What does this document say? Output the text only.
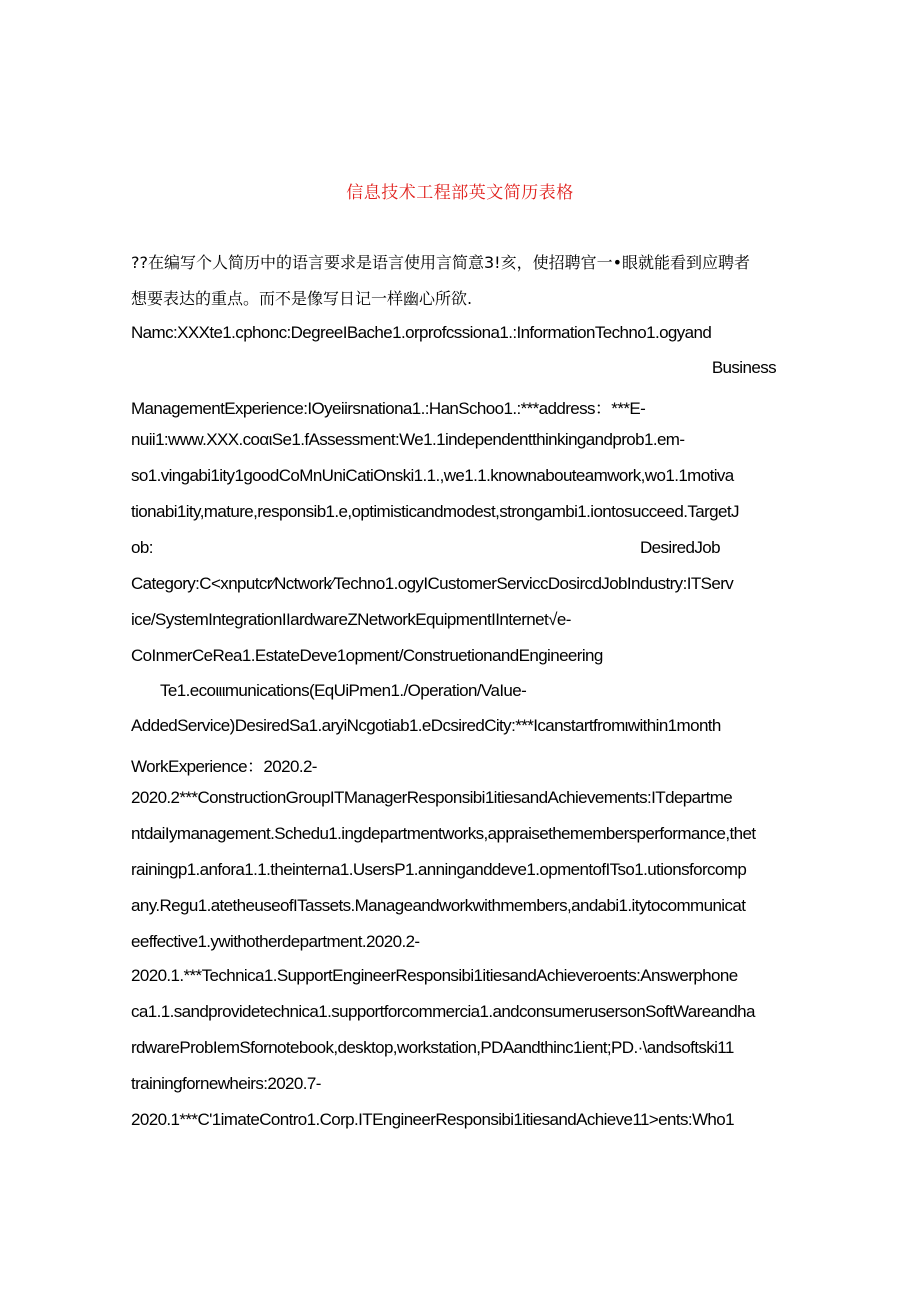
信息技术工程部英文简历表格
??在编写个人简历中的语言要求是语言使用言简意3!亥，使招聘官一•眼就能看到应聘者
想要表达的重点。而不是像写日记一样幽心所欲.
Namc:XXXte1.cphonc:DegreeIBache1.orprofcssiona1.:InformationTechno1.ogyand
Business
ManagementExperience:IOyeiirsnationa1.:HanSchoo1.:***address：***E-
nuii1:www.XXX.coαιSe1.fAssessment:We1.1independentthinkingandprob1.em-
so1.vingabi1ity1goodCoMnUniCatiOnski1.1.,we1.1.knownabouteamwork,wo1.1motiva
tionabi1ity,mature,responsib1.e,optimisticandmodest,strongambi1.iontosucceed.TargetJ
ob:	DesiredJob
Category:C<xnputcr∕Nctwork∕Techno1.ogyICustomerServiccDosircdJobIndustry:ITServ
ice/SystemIntegrationIIardwareZNetworkEquipmentIInternet√e-
CoInmerCeRea1.EstateDeve1opment/ConstruetionandEngineering
Te1.ecoιιιmunications(EqUiPmen1./Operation/VaIue-
AddedService)DesiredSa1.aryiNcgotiab1.eDcsiredCity:***Icanstartfromιwithin1month
WorkExperience：2020.2-
2020.2***ConstructionGroupITManagerResponsibi1itiesandAchievements:ITdepartme
ntdaiIymanagement.Schedu1.ingdepartmentworks,appraisethemembersperformance,thet
rainingp1.anfora1.1.theinterna1.UsersP1.anninganddeve1.opmentofITso1.utionsforcomp
any.Regu1.atetheuseofITassets.Manageandworkwithmembers,andabi1.itytocommunicat
eeffective1.ywithotherdepartment.2020.2-
2020.1.***Technica1.SupportEngineerResponsibi1itiesandAchieveroents:Answerphone
ca1.1.sandprovidetechnica1.supportforcommercia1.andconsumerusersonSoftWareandha
rdwareProbIemSfornotebook,desktop,workstation,PDAandthinc1ient;PD.·\andsoftski11
trainingfornewheirs:2020.7-
2020.1***C'1imateContro1.Corp.ITEngineerResponsibi1itiesandAchieve11>ents:Who1
